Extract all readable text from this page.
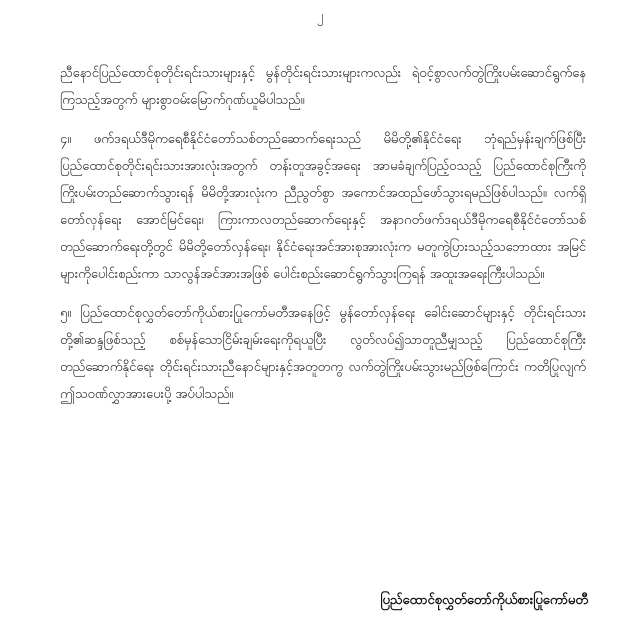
၂

ညီနောင်ပြည်ထောင်စုတိုင်းရင်းသားများနှင့် မွန်တိုင်းရင်းသားများကလည်း ရဲဝင့်စွာလက်တွဲကြိုးပမ်းဆောင်ရွက်နေကြသည့်အတွက် များစွာဝမ်းမြောက်ဂုဏ်ယူမိပါသည်။

၄။ ဖက်ဒရယ်ဒီမိုကရေစီနိုင်ငံတော်သစ်တည်ဆောက်ရေးသည် မိမိတို့၏နိုင်ငံရေး ဘုံရည်မှန်းချက်ဖြစ်ပြီး ပြည်ထောင်စုတိုင်းရင်းသားအားလုံးအတွက် တန်းတူအခွင့်အရေး အာမခံချက်ပြည့်ဝသည့် ပြည်ထောင်စုကြီးကိုကြိုးပမ်းတည်ဆောက်သွားရန် မိမိတို့အားလုံးက ညီညွတ်စွာ အကောင်အထည်ဖော်သွားရမည်ဖြစ်ပါသည်။ လက်ရှိတော်လှန်ရေး အောင်မြင်ရေး၊ ကြားကာလတည်ဆောက်ရေးနှင့် အနာဂတ်ဖက်ဒရယ်ဒီမိုကရေစီနိုင်ငံတော်သစ်တည်ဆောက်ရေးတို့တွင် မိမိတို့တော်လှန်ရေး၊ နိုင်ငံရေးအင်အားစုအားလုံးက မတူကွဲပြားသည့်သဘောထား အမြင်များကိုပေါင်းစည်းကာ သာလွန်အင်အားအဖြစ် ပေါင်းစည်းဆောင်ရွက်သွားကြရန် အထူးအရေးကြီးပါသည်။

၅။ ပြည်ထောင်စုလွှတ်တော်ကိုယ်စားပြုကော်မတီအနေဖြင့် မွန်တော်လှန်ရေး ခေါင်းဆောင်များနှင့် တိုင်းရင်းသားတို့၏ဆန္ဒဖြစ်သည့် စစ်မှန်သောငြိမ်းချမ်းရေးကိုရယူပြီး လွတ်လပ်၍သာတူညီမျှသည့် ပြည်ထောင်စုကြီးတည်ဆောက်နိုင်ရေး တိုင်းရင်းသားညီနောင်များနှင့်အတူတကွ လက်တွဲကြိုးပမ်းသွားမည်ဖြစ်ကြောင်း ကတိပြုလျက် ဤသဝဏ်လွှာအားပေးပို့ အပ်ပါသည်။

ပြည်ထောင်စုလွှတ်တော်ကိုယ်စားပြုကော်မတီ
